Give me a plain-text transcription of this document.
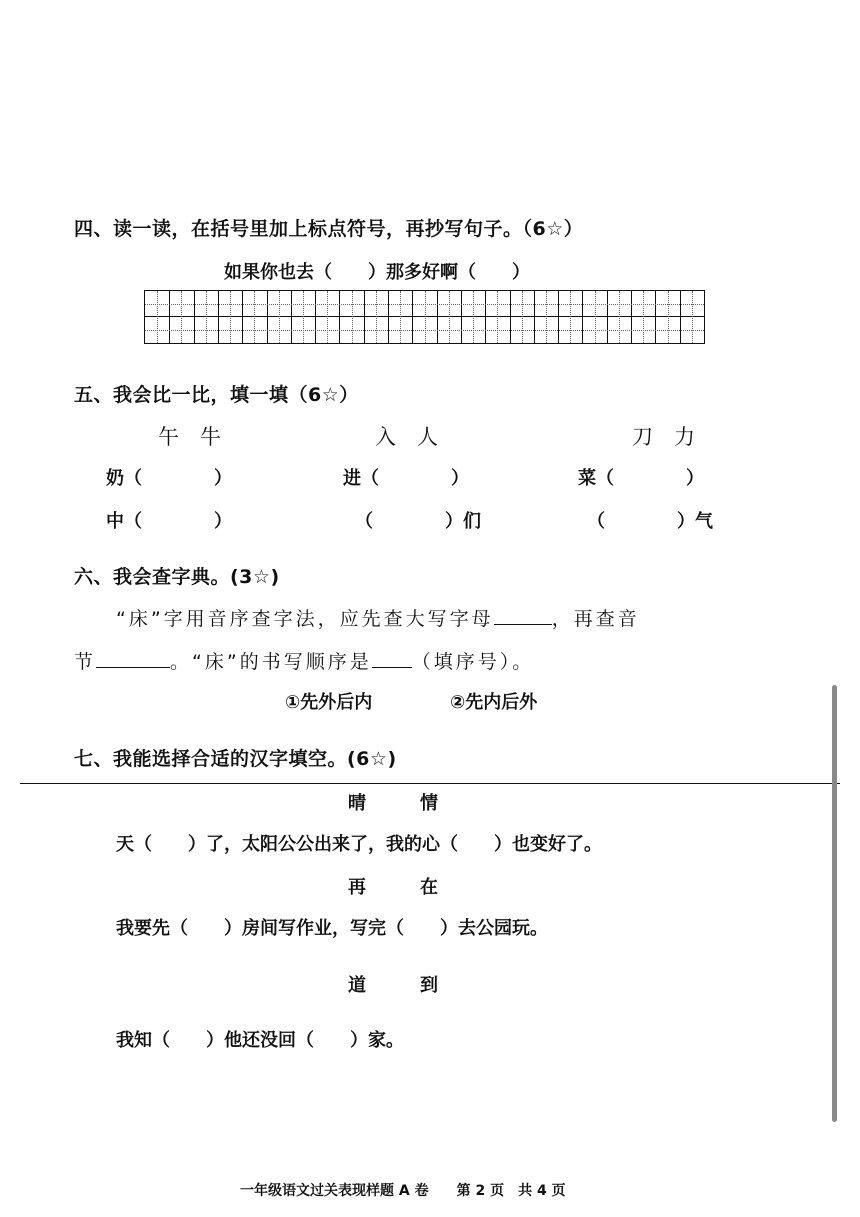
四、读一读，在括号里加上标点符号，再抄写句子。（6☆）
如果你也去（　　）那多好啊（　　）
五、我会比一比，填一填（6☆）
午　牛	入　人	刀　力
奶（　　　　）	进（　　　　）	菜（　　　　）
中（　　　　）	（　　　　）们	（　　　　）气
六、我会查字典。(3☆)
“床”字用音序查字法，应先查大写字母	，再查音
节	。“床”的书写顺序是 （填序号）。
①先外后内	②先内后外
七、我能选择合适的汉字填空。(6☆)
晴　　　情
天（　　）了，太阳公公出来了，我的心（　　）也变好了。
再　　　在
我要先（　　）房间写作业，写完（　　）去公园玩。
道　　　到
我知（　　）他还没回（　　）家。
一年级语文过关表现样题 A 卷　　第 2 页　共 4 页
